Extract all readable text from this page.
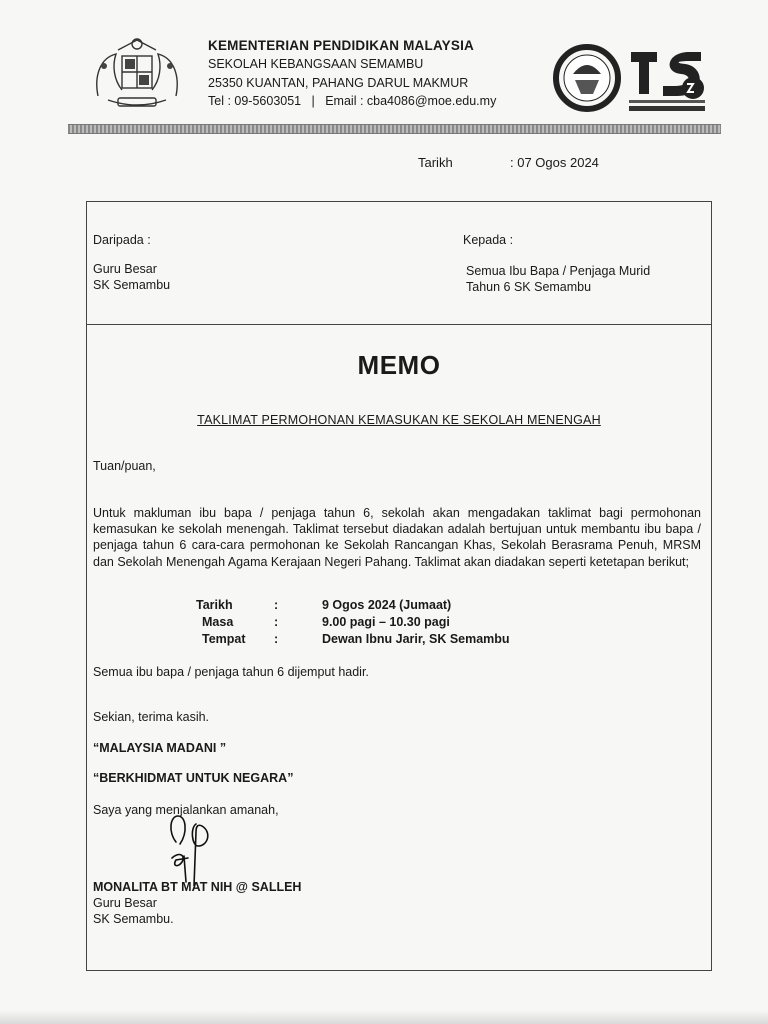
KEMENTERIAN PENDIDIKAN MALAYSIA
SEKOLAH KEBANGSAAN SEMAMBU
25350 KUANTAN, PAHANG DARUL MAKMUR
Tel : 09-5603051   |   Email : cba4086@moe.edu.my
Tarikh	: 07 Ogos 2024
Daripada :
Guru Besar
SK Semambu
Kepada :
Semua Ibu Bapa / Penjaga Murid
Tahun 6 SK Semambu
MEMO
TAKLIMAT PERMOHONAN KEMASUKAN KE SEKOLAH MENENGAH
Tuan/puan,
Untuk makluman ibu bapa / penjaga tahun 6, sekolah akan mengadakan taklimat bagi permohonan kemasukan ke sekolah menengah. Taklimat tersebut diadakan adalah bertujuan untuk membantu ibu bapa / penjaga tahun 6 cara-cara permohonan ke Sekolah Rancangan Khas, Sekolah Berasrama Penuh, MRSM dan Sekolah Menengah Agama Kerajaan Negeri Pahang. Taklimat akan diadakan seperti ketetapan berikut;
Tarikh	:	9 Ogos 2024 (Jumaat)
Masa	:	9.00 pagi – 10.30 pagi
Tempat	:	Dewan Ibnu Jarir, SK Semambu
Semua ibu bapa / penjaga tahun 6 dijemput hadir.
Sekian, terima kasih.
“MALAYSIA MADANI ”
“BERKHIDMAT UNTUK NEGARA”
Saya yang menjalankan amanah,
MONALITA BT MAT NIH @ SALLEH
Guru Besar
SK Semambu.
